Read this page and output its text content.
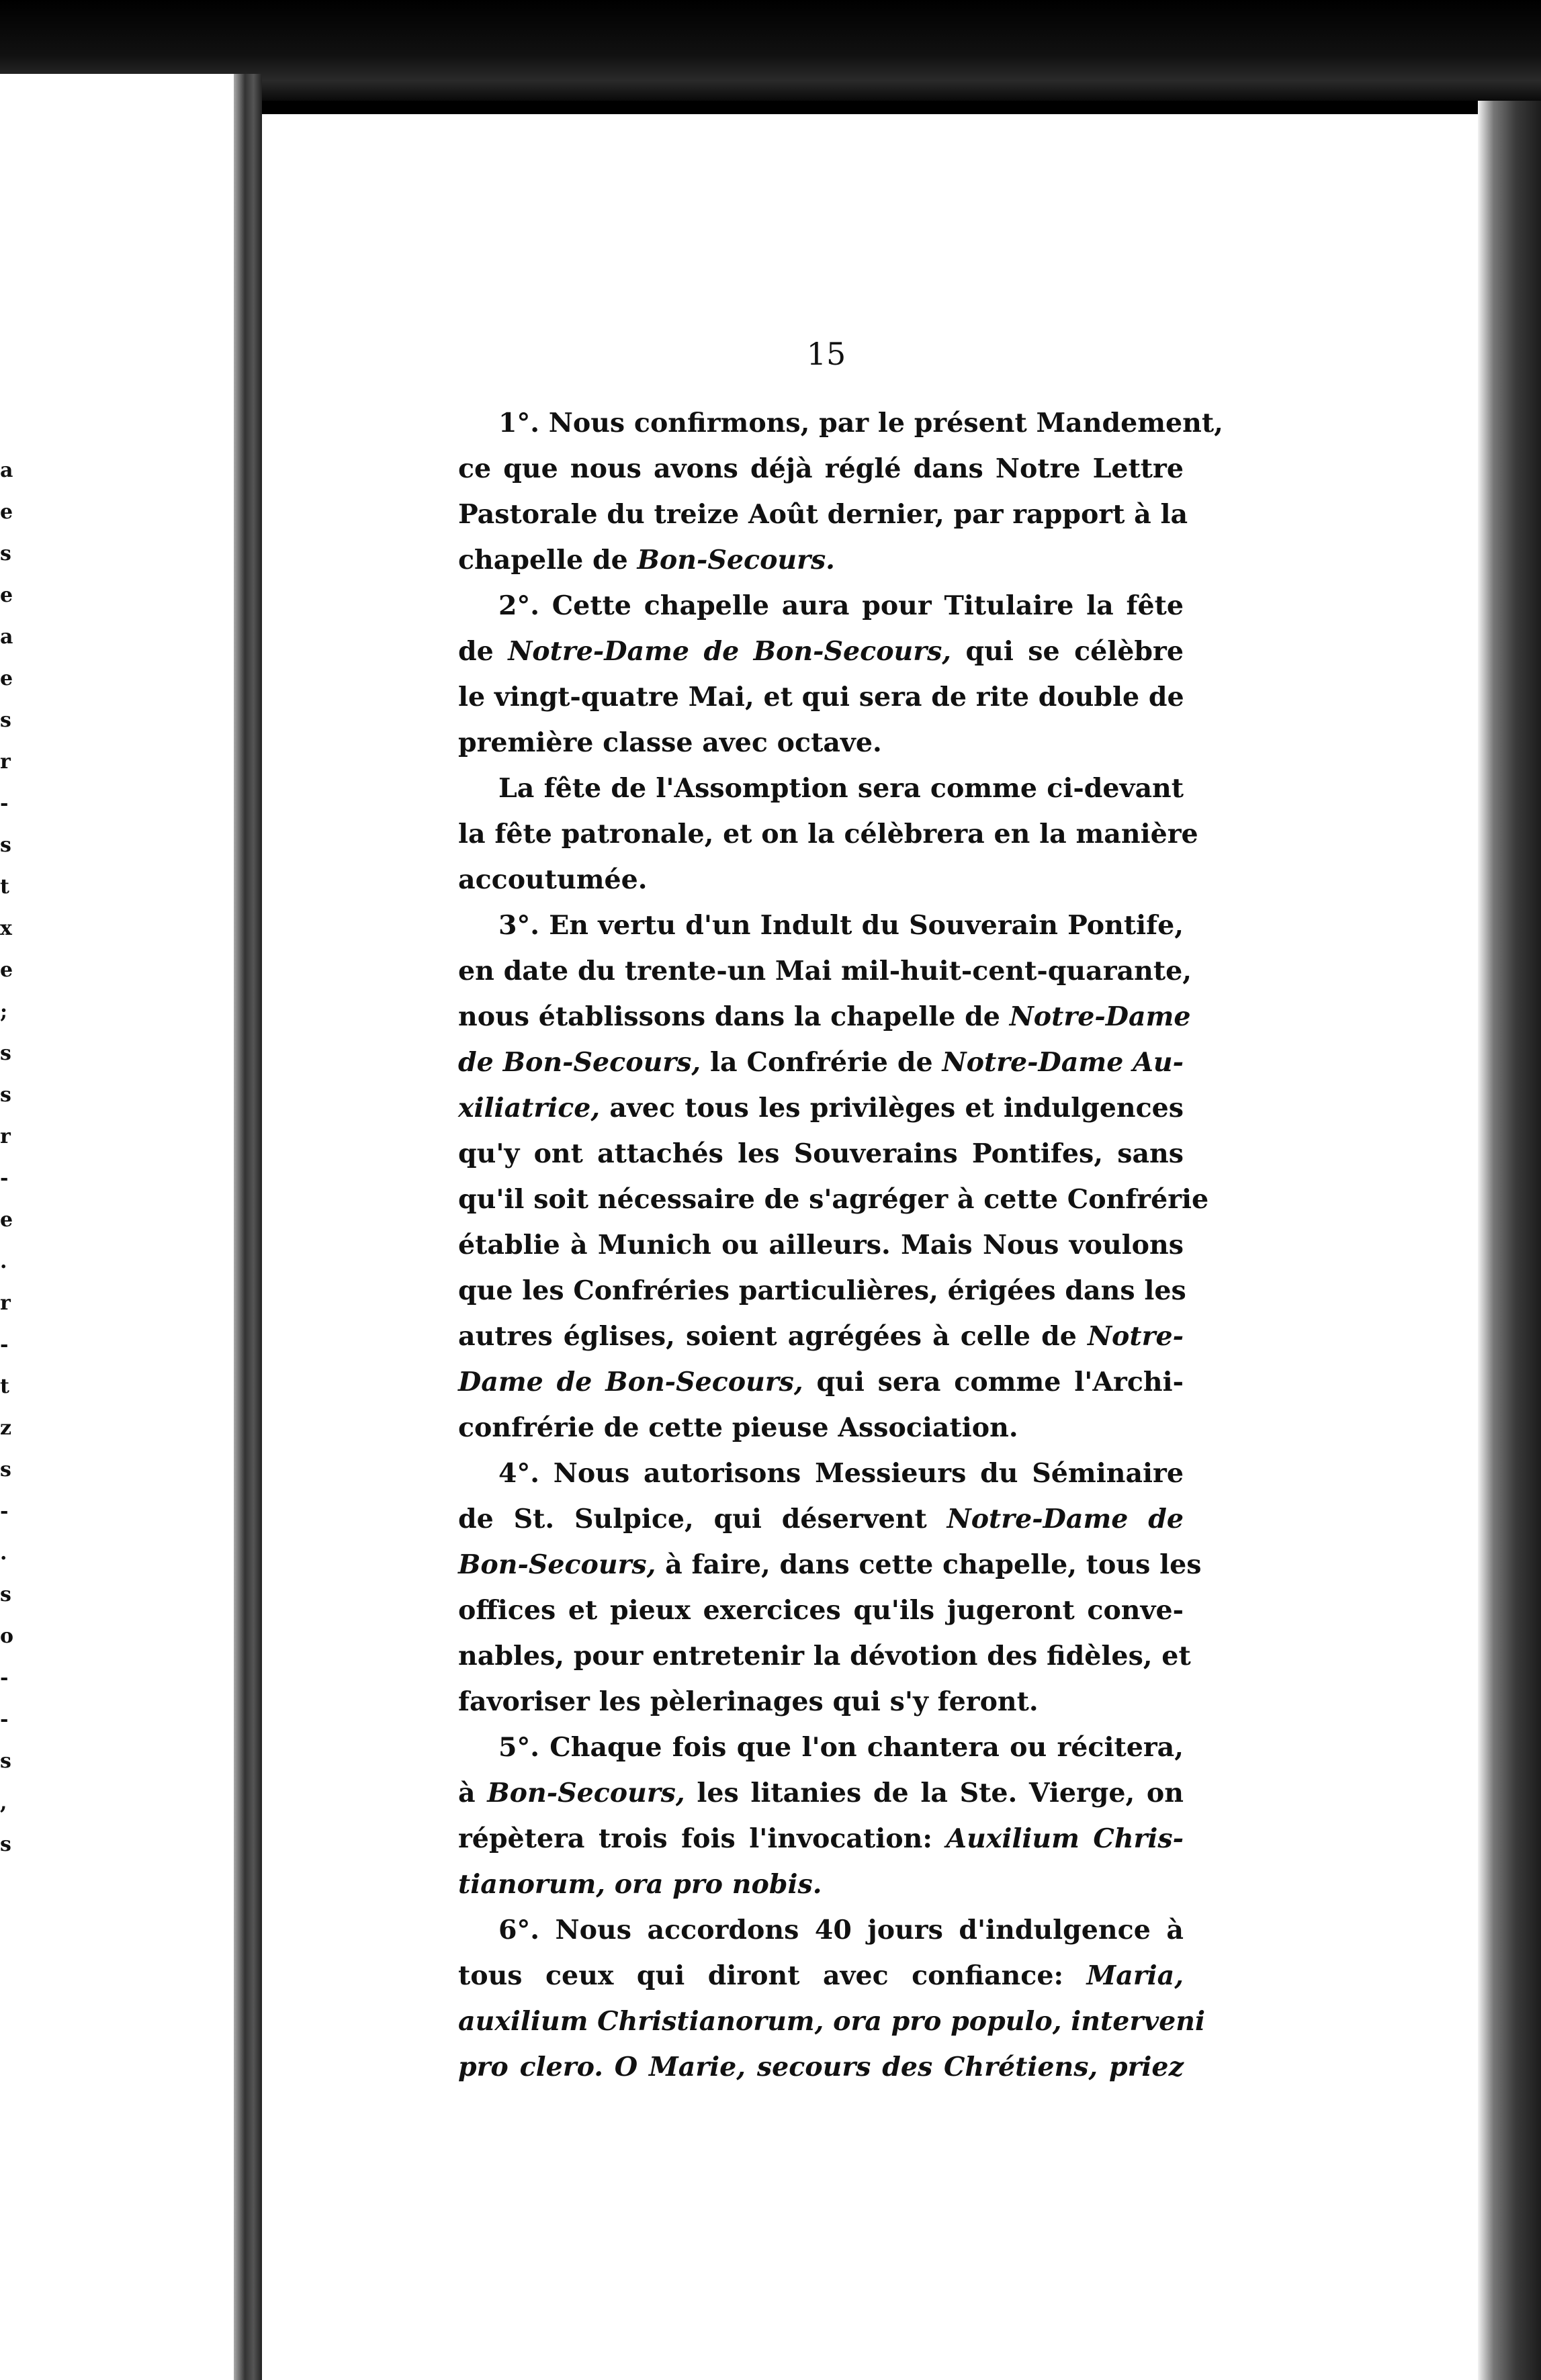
a
e
s
e
a
e
s
r
-
s
t
x
e
;
s
s
r
-
e
.
r
-
t
z
s
-
.
s
o
-
-
s
,
s
15
1°. Nous confirmons, par le présent Mandement,
ce que nous avons déjà réglé dans Notre Lettre
Pastorale du treize Août dernier, par rapport à la
chapelle de Bon-Secours.
2°. Cette chapelle aura pour Titulaire la fête
de Notre-Dame de Bon-Secours, qui se célèbre
le vingt-quatre Mai, et qui sera de rite double de
première classe avec octave.
La fête de l'Assomption sera comme ci-devant
la fête patronale, et on la célèbrera en la manière
accoutumée.
3°. En vertu d'un Indult du Souverain Pontife,
en date du trente-un Mai mil-huit-cent-quarante,
nous établissons dans la chapelle de Notre-Dame
de Bon-Secours, la Confrérie de Notre-Dame Au-
xiliatrice, avec tous les privilèges et indulgences
qu'y ont attachés les Souverains Pontifes, sans
qu'il soit nécessaire de s'agréger à cette Confrérie
établie à Munich ou ailleurs. Mais Nous voulons
que les Confréries particulières, érigées dans les
autres églises, soient agrégées à celle de Notre-
Dame de Bon-Secours, qui sera comme l'Archi-
confrérie de cette pieuse Association.
4°. Nous autorisons Messieurs du Séminaire
de St. Sulpice, qui déservent Notre-Dame de
Bon-Secours, à faire, dans cette chapelle, tous les
offices et pieux exercices qu'ils jugeront conve-
nables, pour entretenir la dévotion des fidèles, et
favoriser les pèlerinages qui s'y feront.
5°. Chaque fois que l'on chantera ou récitera,
à Bon-Secours, les litanies de la Ste. Vierge, on
répètera trois fois l'invocation: Auxilium Chris-
tianorum, ora pro nobis.
6°. Nous accordons 40 jours d'indulgence à
tous ceux qui diront avec confiance: Maria,
auxilium Christianorum, ora pro populo, interveni
pro clero. O Marie, secours des Chrétiens, priez
